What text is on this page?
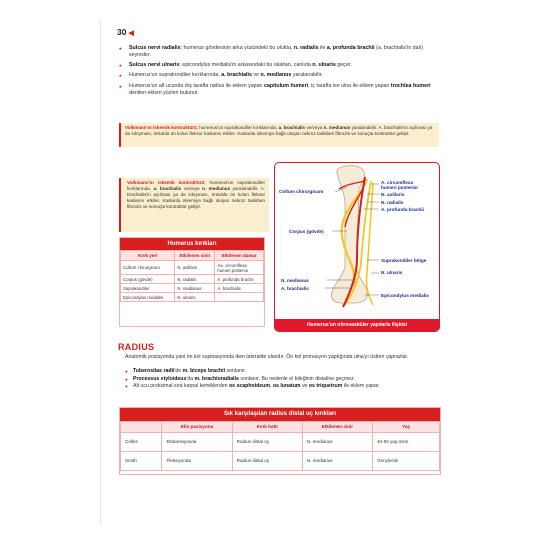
30 ◀
● Sulcus nervi radialis; humerus gövdesinin arka yüzündeki bu oluktа, n. radialis ile a. profunda brachii (a. brachialis'in dalı) seyreder.
● Sulcus nervi ulnaris; epicondylus medialis'in arkasındaki bu oluktan, canlıda n. ulnaris geçer.
● Humerus'un suprakondiler kırıklarında, a. brachialis ve n. medianus yaralanabilir.
● Humerus'un alt ucunda dış tarafta radius ile eklem yapan capitulum humeri, iç tarafta ise ulna ile eklem yapan trochlea humeri denilen eklem yüzleri bulunur.
Volkmann'ın iskemik kontraktürü; humerus'un suprakondiler kırıklarında, a. brachialis ve/veya n. medianus yaralanabilir. A. brachialis'in açılması ya da sıkışması, önkolda ön kolun fleksor kaslarını etkiler. Kaslarda iskemiye bağlı oluşan nekroz taskiben fibrozis ve sonuçta kontraktür gelişir.
Volkmann'ın iskemik kontraktürü; humerus'un suprakondiler kırıklarında, a. brachialis ve/veya n. medianus yaralanabilir. A. brachialis'in açılması ya da sıkışması, önkolda ön kolun fleksor kaslarını etkiler. Kaslarda iskemiye bağlı oluşan nekroz taskiben fibrozis ve sonuçta kontraktür gelişir.
Humerus kırıkları
Kırık yeri	Etkilenen sinir	Etkilenen damar
Collum chirurgicum	N. axillaris	Aa. circumflexa humeri posterior
Corpus (gövde)	N. radialis	A. profunda brachii
Suprakondiler	N. medianus	A. brachialis
Epicondylus medialis	N. ulnaris	
Collum chirurgicum
A. circumflexa
humeri posterior
N. axillaris
N. radialis
A. profunda brachii
Corpus (gövde)
Suprakondiler bölge
N. ulnaris
N. medianus
A. brachialis
Epicondylus medialis
Humerus'un nörovasküler yapılarla ilişkisi
RADIUS
Anatomik pozisyonda yani ön kol supinasyonda iken lateralde olandır. Ön kol pronasyon yaptığında ulna'yı üstten çaprazlar.
● Tuberositas radii'de m. biceps brachii sonlanır.
● Processus styloideus'da m. brachioradialis sonlanır. Bu nedenle el bileğinin distalinе geçmez.
● Alt ucu proksimal sıra karpal kemiklerden os scaphoideum, os lunatum ve os triquetrum ile eklem yapar.
Sık karşılaşılan radius distal uç kırıkları
	Elin pozisyonu	Kırık hattı	Etkilenen sinir	Yaş
Colles	Ekstansiyonda	Radius distal uç	N. medianus	40-50 yaş üzeri
Smith	Fleksiyonda	Radius distal uç	N. medianus	Gençlerde
